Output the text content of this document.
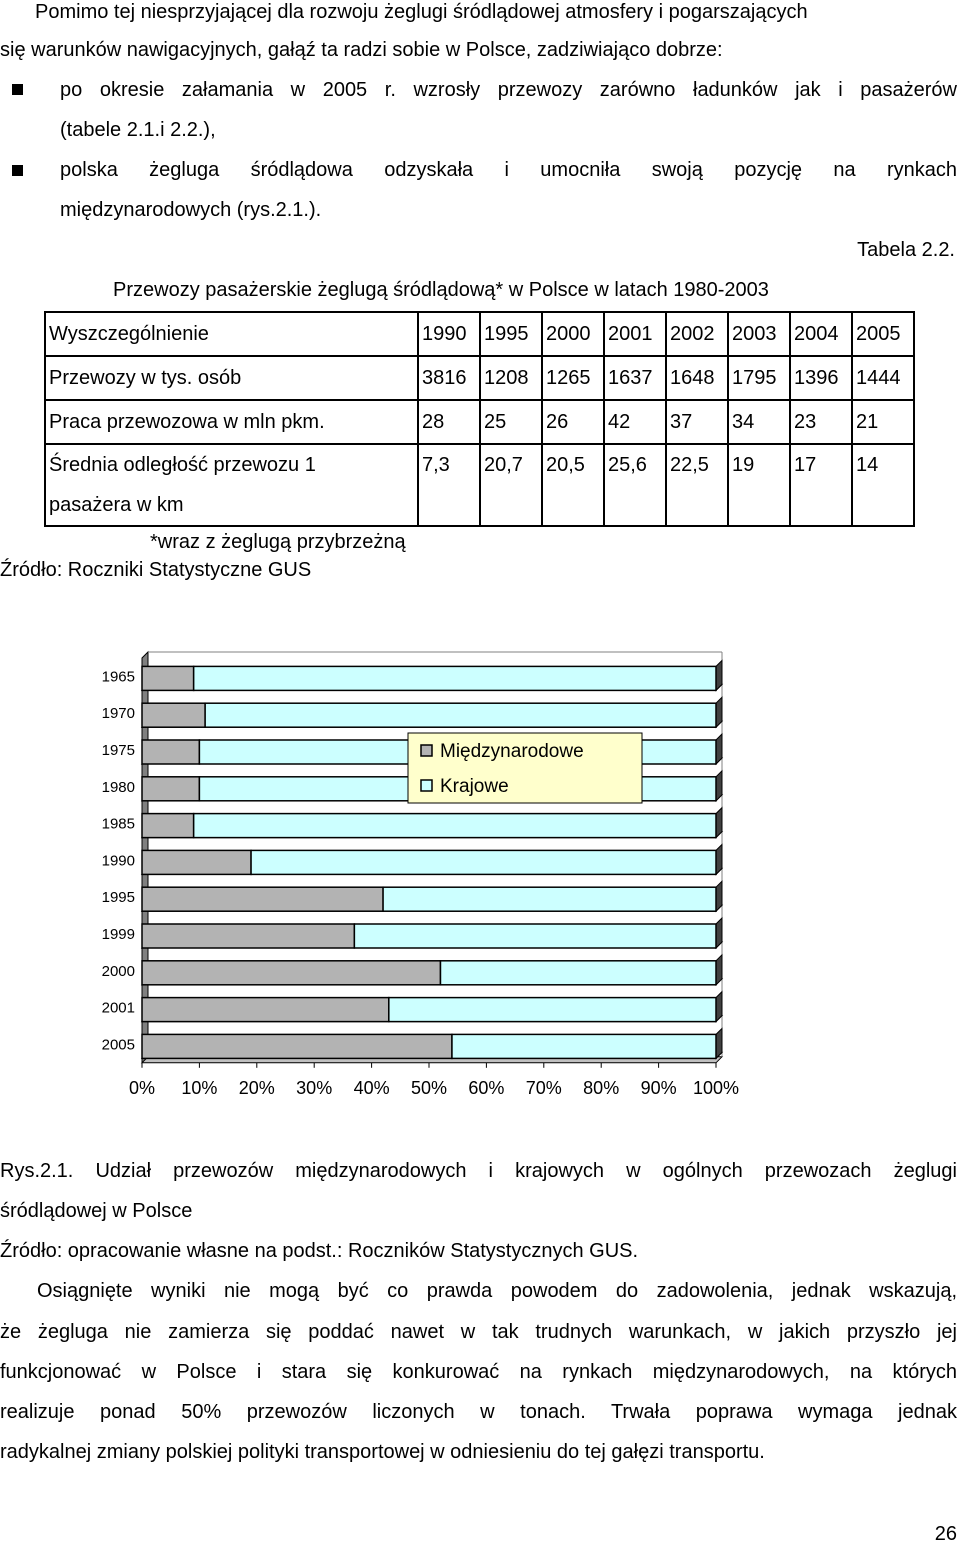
Pomimo tej niesprzyjającej dla rozwoju żeglugi śródlądowej atmosfery i pogarszających
się warunków nawigacyjnych, gałąź ta radzi sobie w Polsce, zadziwiająco dobrze:
po okresie załamania w 2005 r. wzrosły przewozy zarówno ładunków jak i pasażerów
(tabele 2.1.i 2.2.),
polska żegluga śródlądowa odzyskała i umocniła swoją pozycję na rynkach
międzynarodowych (rys.2.1.).
Tabela 2.2.
Przewozy pasażerskie żeglugą śródlądową* w Polsce w latach 1980-2003
Wyszczególnienie	1990	1995	2000	2001	2002	2003	2004	2005
Przewozy w tys. osób	3816	1208	1265	1637	1648	1795	1396	1444
Praca przewozowa w mln pkm.	28	25	26	42	37	34	23	21
Średnia odległość przewozu 1
pasażera w km	7,3	20,7	20,5	25,6	22,5	19	17	14
*wraz z żeglugą przybrzeżną
Źródło: Roczniki Statystyczne GUS
1965
1970
1975
1980
1985
1990
1995
1999
2000
2001
2005
0% 10% 20% 30% 40% 50% 60% 70% 80% 90% 100%
Międzynarodowe
Krajowe
Rys.2.1. Udział przewozów międzynarodowych i krajowych w ogólnych przewozach żeglugi
śródlądowej w Polsce
Źródło: opracowanie własne na podst.: Roczników Statystycznych GUS.
Osiągnięte wyniki nie mogą być co prawda powodem do zadowolenia, jednak wskazują,
że żegluga nie zamierza się poddać nawet w tak trudnych warunkach, w jakich przyszło jej
funkcjonować w Polsce i stara się konkurować na rynkach międzynarodowych, na których
realizuje ponad 50% przewozów liczonych w tonach. Trwała poprawa wymaga jednak
radykalnej zmiany polskiej polityki transportowej w odniesieniu do tej gałęzi transportu.
26
